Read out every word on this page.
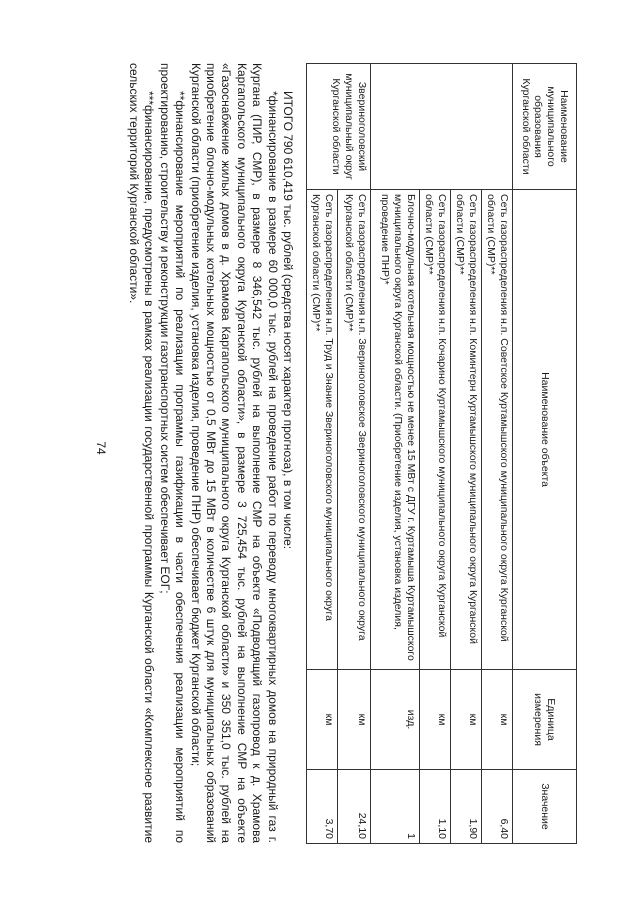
74
Наименование муниципального образования Курганской области	Наименование объекта	Единица измерения	Значение
	Сеть газораспределения н.п. Советское Куртамышского муниципального округа Курганской области (СМР)**	км	6,40
	Сеть газораспределения н.п. Коминтерн Куртамышского муниципального округа Курганской области (СМР)**	км	1,90
	Сеть газораспределения н.п. Кочарино Куртамышского муниципального округа Курганской области (СМР)**	км	1,10
	Блочно-модульная котельная мощностью не менее 15 МВт с ДГУ г. Куртамыша Куртамышского муниципального округа Курганской области. (Приобретение изделия, установка изделия, проведение ПНР)*	изд.	1
Звериноголовский муниципальный округ Курганской области	Сеть газораспределения н.п. Звериноголовское Звериноголовского муниципального округа Курганской области (СМР)**	км	24,10
	Сеть газораспределения н.п. Труд и Знание Звериноголовского муниципального округа Курганской области (СМР)**	км	3,70

ИТОГО 790 610,419 тыс. рублей (средства носят характер прогноза), в том числе:

*финансирование в размере 60 000,0 тыс. рублей на проведение работ по переводу многоквартирных домов на природный газ г. Кургана (ПИР, СМР), в размере 8 346,542 тыс. рублей на выполнение СМР на объекте «Подводящий газопровод к д. Храмова Каргапольского муниципального округа Курганской области», в размере 3 725,454 тыс. рублей на выполнение СМР на объекте «Газоснабжение жилых домов в д. Храмова Каргапольского муниципального округа Курганской области» и 350 351,0 тыс. рублей на приобретение блочно-модульных котельных мощностью от 0,5 МВт до 15 МВт в количестве 6 штук для муниципальных образований Курганской области (приобретение изделия, установка изделия, проведение ПНР) обеспечивает бюджет Курганской области;

**финансирование мероприятий по реализации программы газификации в части обеспечения реализации мероприятий по проектированию, строительству и реконструкции газотранспортных систем обеспечивает ЕОГ;

***финансирование, предусмотрены в рамках реализации государственной программы Курганской области «Комплексное развитие сельских территорий Курганской области».
